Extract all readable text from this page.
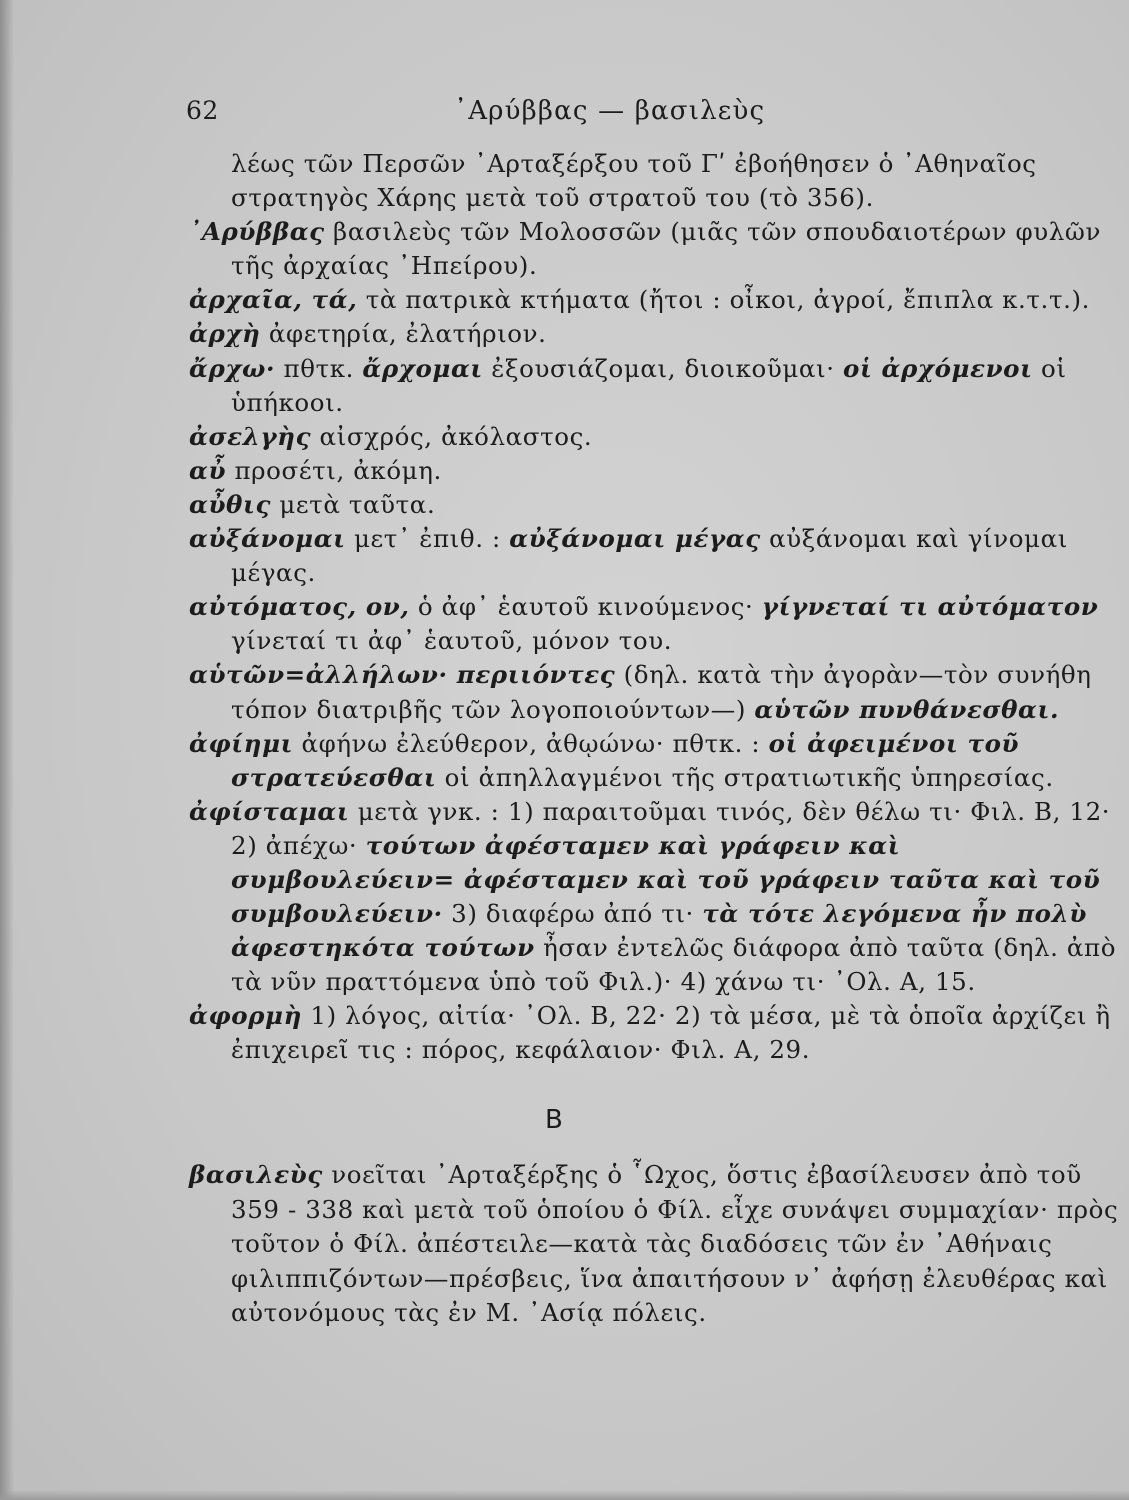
62	᾿Αρύββας — βασιλεὺς

λέως τῶν Περσῶν ᾿Αρταξέρξου τοῦ Γʹ ἐβοήθησεν ὁ ᾿Αθηναῖος στρατηγὸς Χάρης μετὰ τοῦ στρατοῦ του (τὸ 356).

᾿Αρύββας βασιλεὺς τῶν Μολοσσῶν (μιᾶς τῶν σπουδαιοτέρων φυλῶν τῆς ἀρχαίας ᾿Ηπείρου).

ἀρχαῖα, τά, τὰ πατρικὰ κτήματα (ἤτοι : οἶκοι, ἀγροί, ἔπιπλα κ.τ.τ.).

ἀρχὴ ἀφετηρία, ἐλατήριον.

ἄρχω· πθτκ. ἄρχομαι ἐξουσιάζομαι, διοικοῦμαι· οἱ ἀρχόμενοι οἱ ὑπήκοοι.

ἀσελγὴς αἰσχρός, ἀκόλαστος.

αὖ προσέτι, ἀκόμη.

αὖθις μετὰ ταῦτα.

αὐξάνομαι μετ᾿ ἐπιθ. : αὐξάνομαι μέγας αὐξάνομαι καὶ γίνομαι μέγας.

αὐτόματος, ον, ὁ ἀφ᾿ ἑαυτοῦ κινούμενος· γίγνεταί τι αὐτόματον γίνεταί τι ἀφ᾿ ἑαυτοῦ, μόνον του.

αὑτῶν=ἀλλήλων· περιιόντες (δηλ. κατὰ τὴν ἀγορὰν—τὸν συνήθη τόπον διατριβῆς τῶν λογοποιούντων—) αὑτῶν πυνθάνεσθαι.

ἀφίημι ἀφήνω ἐλεύθερον, ἀθῳώνω· πθτκ. : οἱ ἀφειμένοι τοῦ στρατεύεσθαι οἱ ἀπηλλαγμένοι τῆς στρατιωτικῆς ὑπηρεσίας.

ἀφίσταμαι μετὰ γνκ. : 1) παραιτοῦμαι τινός, δὲν θέλω τι· Φιλ. Β, 12· 2) ἀπέχω· τούτων ἀφέσταμεν καὶ γράφειν καὶ συμβουλεύειν= ἀφέσταμεν καὶ τοῦ γράφειν ταῦτα καὶ τοῦ συμβουλεύειν· 3) διαφέρω ἀπό τι· τὰ τότε λεγόμενα ἦν πολὺ ἀφεστηκότα τούτων ἦσαν ἐντελῶς διάφορα ἀπὸ ταῦτα (δηλ. ἀπὸ τὰ νῦν πραττόμενα ὑπὸ τοῦ Φιλ.)· 4) χάνω τι· ᾿Ολ. Α, 15.

ἀφορμὴ 1) λόγος, αἰτία· ᾿Ολ. Β, 22· 2) τὰ μέσα, μὲ τὰ ὁποῖα ἀρχίζει ἢ ἐπιχειρεῖ τις : πόρος, κεφάλαιον· Φιλ. Α, 29.

Β

βασιλεὺς νοεῖται ᾿Αρταξέρξης ὁ ῟Ωχος, ὅστις ἐβασίλευσεν ἀπὸ τοῦ 359 - 338 καὶ μετὰ τοῦ ὁποίου ὁ Φίλ. εἶχε συνάψει συμμαχίαν· πρὸς τοῦτον ὁ Φίλ. ἀπέστειλε—κατὰ τὰς διαδόσεις τῶν ἐν ᾿Αθήναις φιλιππιζόντων—πρέσβεις, ἵνα ἀπαιτήσουν ν᾿ ἀφήσῃ ἐλευθέρας καὶ αὐτονόμους τὰς ἐν Μ. ᾿Ασίᾳ πόλεις.
